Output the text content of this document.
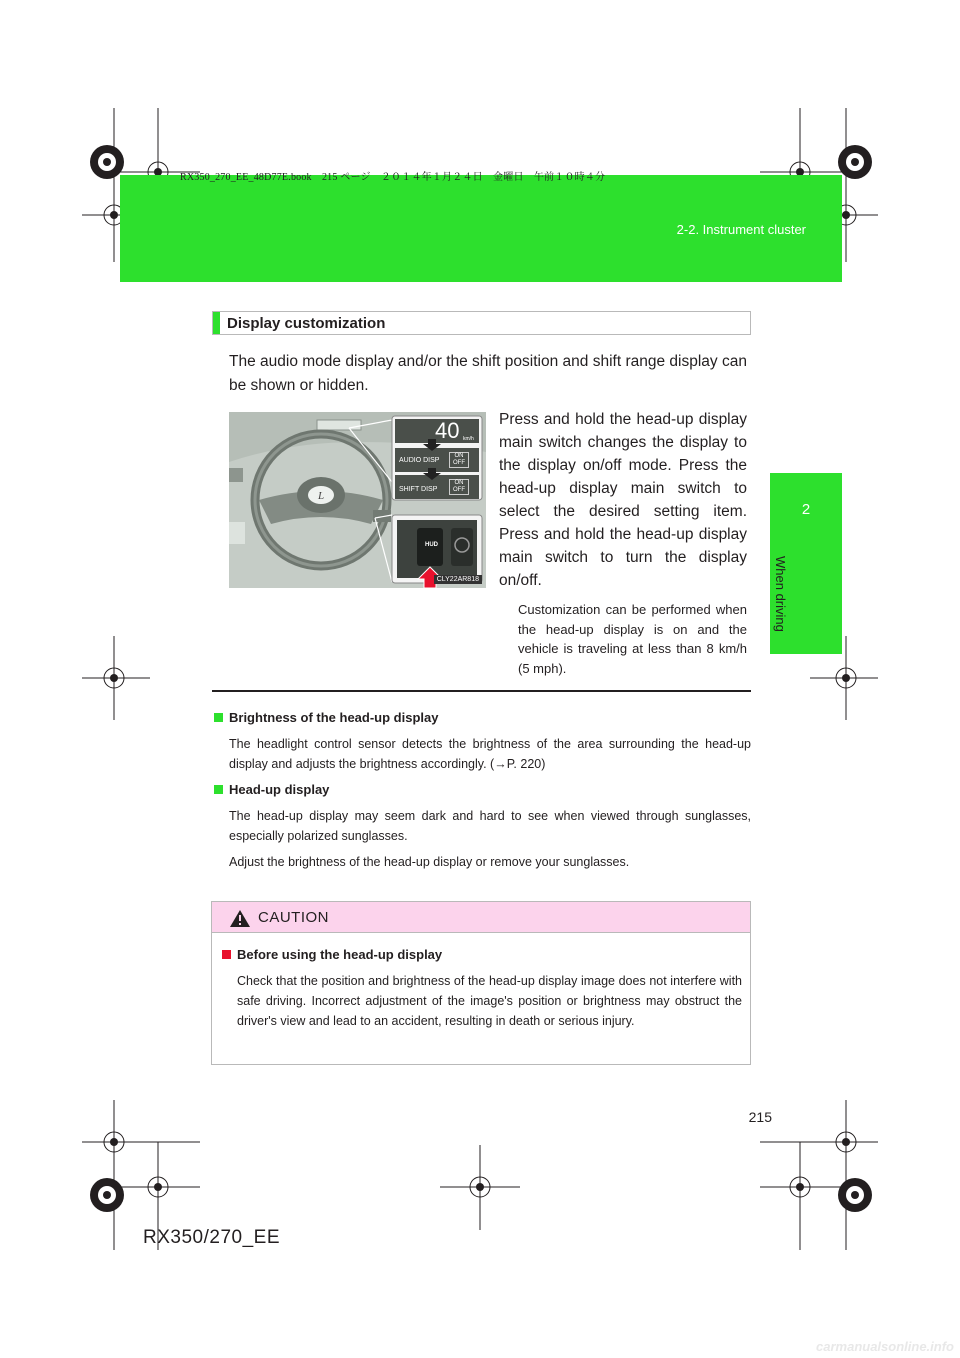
2-2. Instrument cluster
RX350_270_EE_48D77E.book　215 ページ　２０１４年１月２４日　金曜日　午前１０時４分
2
When driving
Display customization

The audio mode display and/or the shift position and shift range display can be shown or hidden.

L
40 km/h
AUDIO DISP
ON
OFF
SHIFT DISP
ON
OFF
HUD
CLY22AR818

Press and hold the head-up display main switch changes the display to the display on/off mode. Press the head-up display main switch to select the desired setting item. Press and hold the head-up display main switch to turn the display on/off.

Customization can be performed when the head-up display is on and the vehicle is traveling at less than 8 km/h (5 mph).

Brightness of the head-up display

The headlight control sensor detects the brightness of the area surrounding the head-up display and adjusts the brightness accordingly. (→P. 220)

Head-up display

The head-up display may seem dark and hard to see when viewed through sunglasses, especially polarized sunglasses.

Adjust the brightness of the head-up display or remove your sunglasses.

CAUTION
Before using the head-up display

Check that the position and brightness of the head-up display image does not interfere with safe driving. Incorrect adjustment of the image's position or brightness may obstruct the driver's view and lead to an accident, resulting in death or serious injury.

215
RX350/270_EE
carmanualsonline.info
